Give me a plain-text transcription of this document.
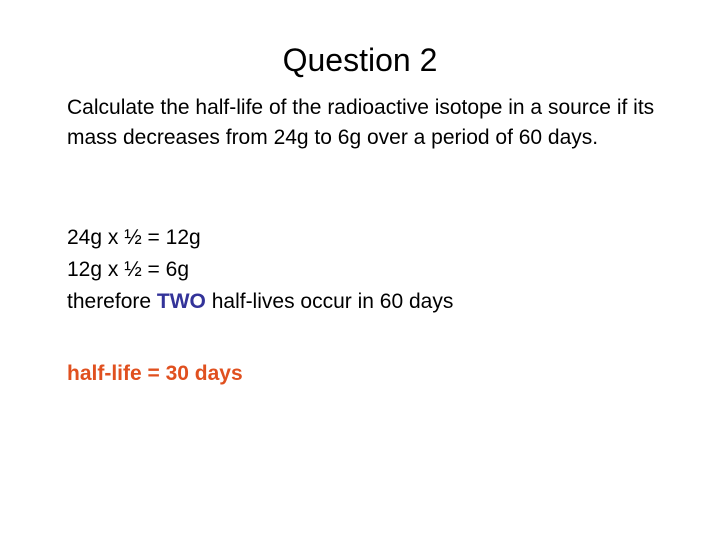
Question 2

Calculate the half-life of the radioactive isotope in a source if its mass decreases from 24g to 6g over a period of 60 days.

24g x ½ = 12g
12g x ½ = 6g
therefore TWO half-lives occur in 60 days
half-life = 30 days
